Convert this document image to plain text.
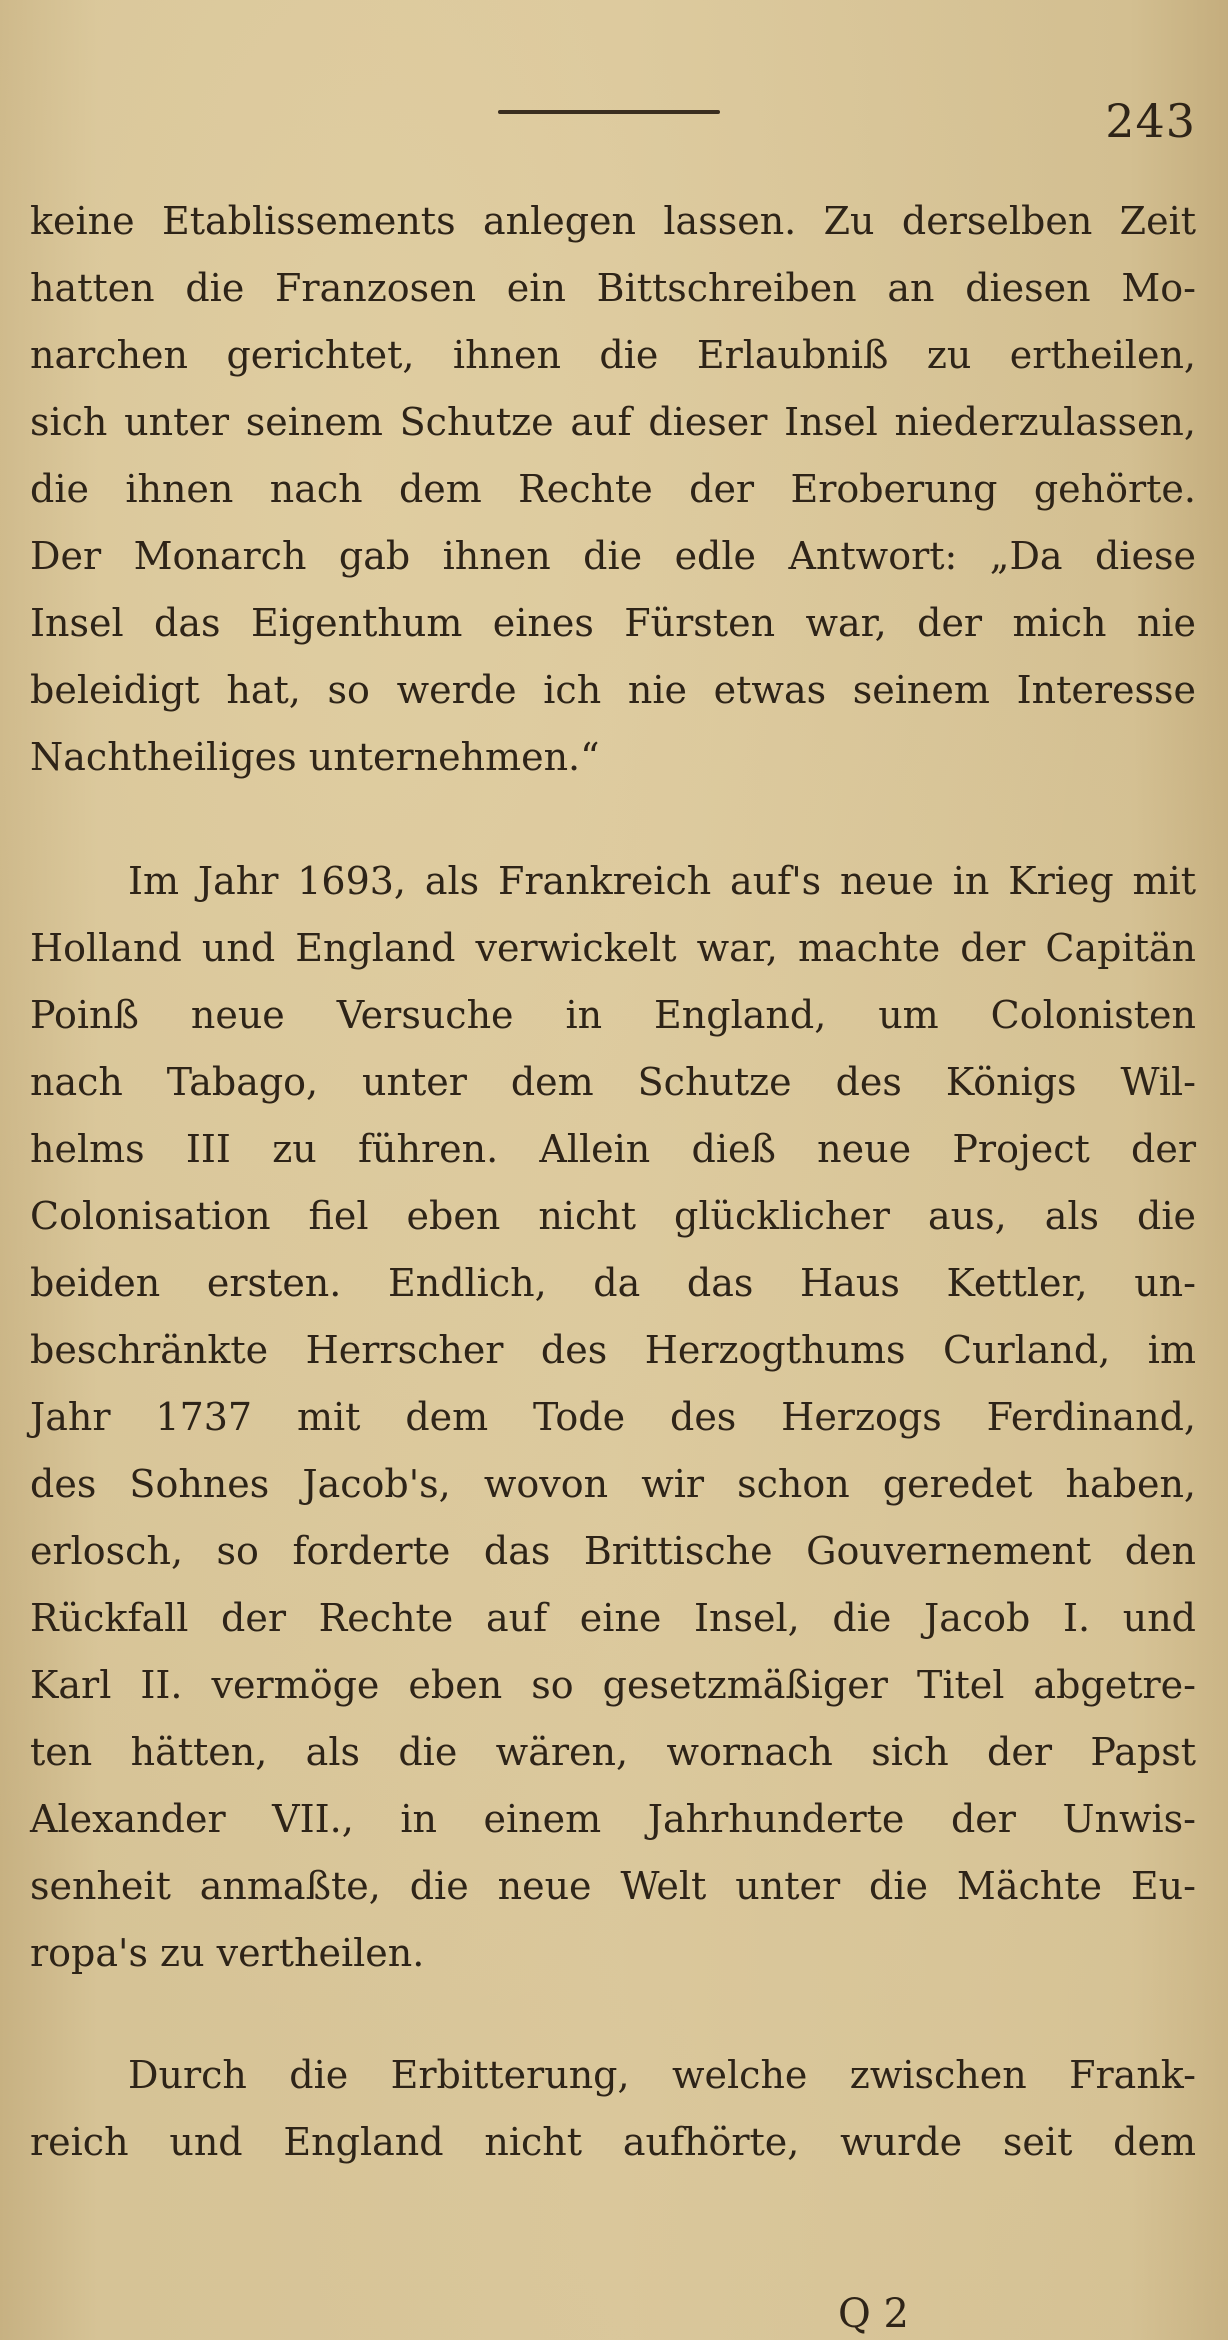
243
keine Etablissements anlegen lassen. Zu derselben Zeit
hatten die Franzosen ein Bittschreiben an diesen Mo-
narchen gerichtet, ihnen die Erlaubniß zu ertheilen,
sich unter seinem Schutze auf dieser Insel niederzulassen,
die ihnen nach dem Rechte der Eroberung gehörte.
Der Monarch gab ihnen die edle Antwort: „Da diese
Insel das Eigenthum eines Fürsten war, der mich nie
beleidigt hat, so werde ich nie etwas seinem Interesse
Nachtheiliges unternehmen.“
Im Jahr 1693, als Frankreich auf's neue in Krieg mit
Holland und England verwickelt war, machte der Capitän
Poinß neue Versuche in England, um Colonisten
nach Tabago, unter dem Schutze des Königs Wil-
helms III zu führen. Allein dieß neue Project der
Colonisation fiel eben nicht glücklicher aus, als die
beiden ersten. Endlich, da das Haus Kettler, un-
beschränkte Herrscher des Herzogthums Curland, im
Jahr 1737 mit dem Tode des Herzogs Ferdinand,
des Sohnes Jacob's, wovon wir schon geredet haben,
erlosch, so forderte das Brittische Gouvernement den
Rückfall der Rechte auf eine Insel, die Jacob I. und
Karl II. vermöge eben so gesetzmäßiger Titel abgetre-
ten hätten, als die wären, wornach sich der Papst
Alexander VII., in einem Jahrhunderte der Unwis-
senheit anmaßte, die neue Welt unter die Mächte Eu-
ropa's zu vertheilen.
Durch die Erbitterung, welche zwischen Frank-
reich und England nicht aufhörte, wurde seit dem
Q 2
